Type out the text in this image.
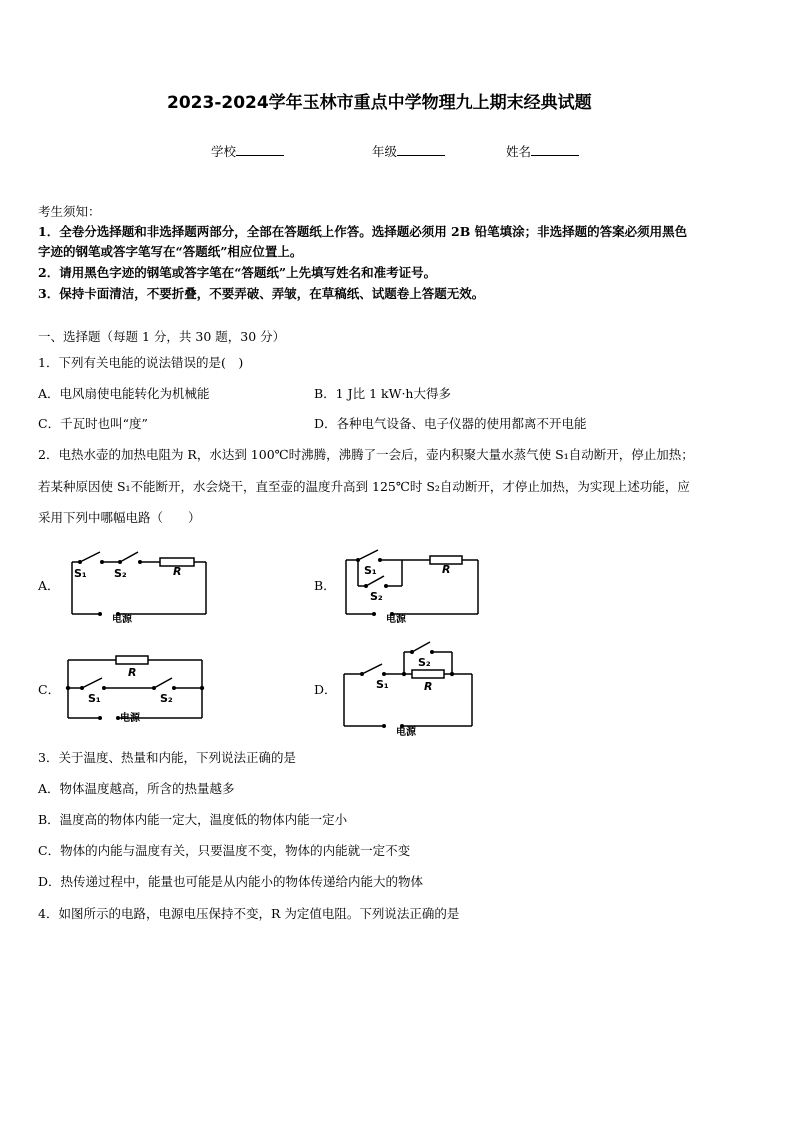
2023-2024学年玉林市重点中学物理九上期末经典试题
学校	年级	姓名
考生须知：
1．全卷分选择题和非选择题两部分，全部在答题纸上作答。选择题必须用 2B 铅笔填涂；非选择题的答案必须用黑色
字迹的钢笔或答字笔写在“答题纸”相应位置上。
2．请用黑色字迹的钢笔或答字笔在“答题纸”上先填写姓名和准考证号。
3．保持卡面清洁，不要折叠，不要弄破、弄皱，在草稿纸、试题卷上答题无效。
一、选择题（每题 1 分，共 30 题，30 分）
1．下列有关电能的说法错误的是(　)
A．电风扇使电能转化为机械能	B．1 J比 1 kW·h大得多
C．千瓦时也叫“度”	D．各种电气设备、电子仪器的使用都离不开电能
2．电热水壶的加热电阻为 R，水达到 100℃时沸腾，沸腾了一会后，壶内积聚大量水蒸气使 S₁自动断开，停止加热；
若某种原因使 S₁不能断开，水会烧干，直至壶的温度升高到 125℃时 S₂自动断开，才停止加热，为实现上述功能，应
采用下列中哪幅电路（　　）
A．
S₁ S₂	R
电源
B．
S₁
S₂
R
电源
C．
R
S₁	S₂
电源
D．
S₂
S₁	R
电源
3．关于温度、热量和内能，下列说法正确的是
A．物体温度越高，所含的热量越多
B．温度高的物体内能一定大，温度低的物体内能一定小
C．物体的内能与温度有关，只要温度不变，物体的内能就一定不变
D．热传递过程中，能量也可能是从内能小的物体传递给内能大的物体
4．如图所示的电路，电源电压保持不变，R 为定值电阻。下列说法正确的是
